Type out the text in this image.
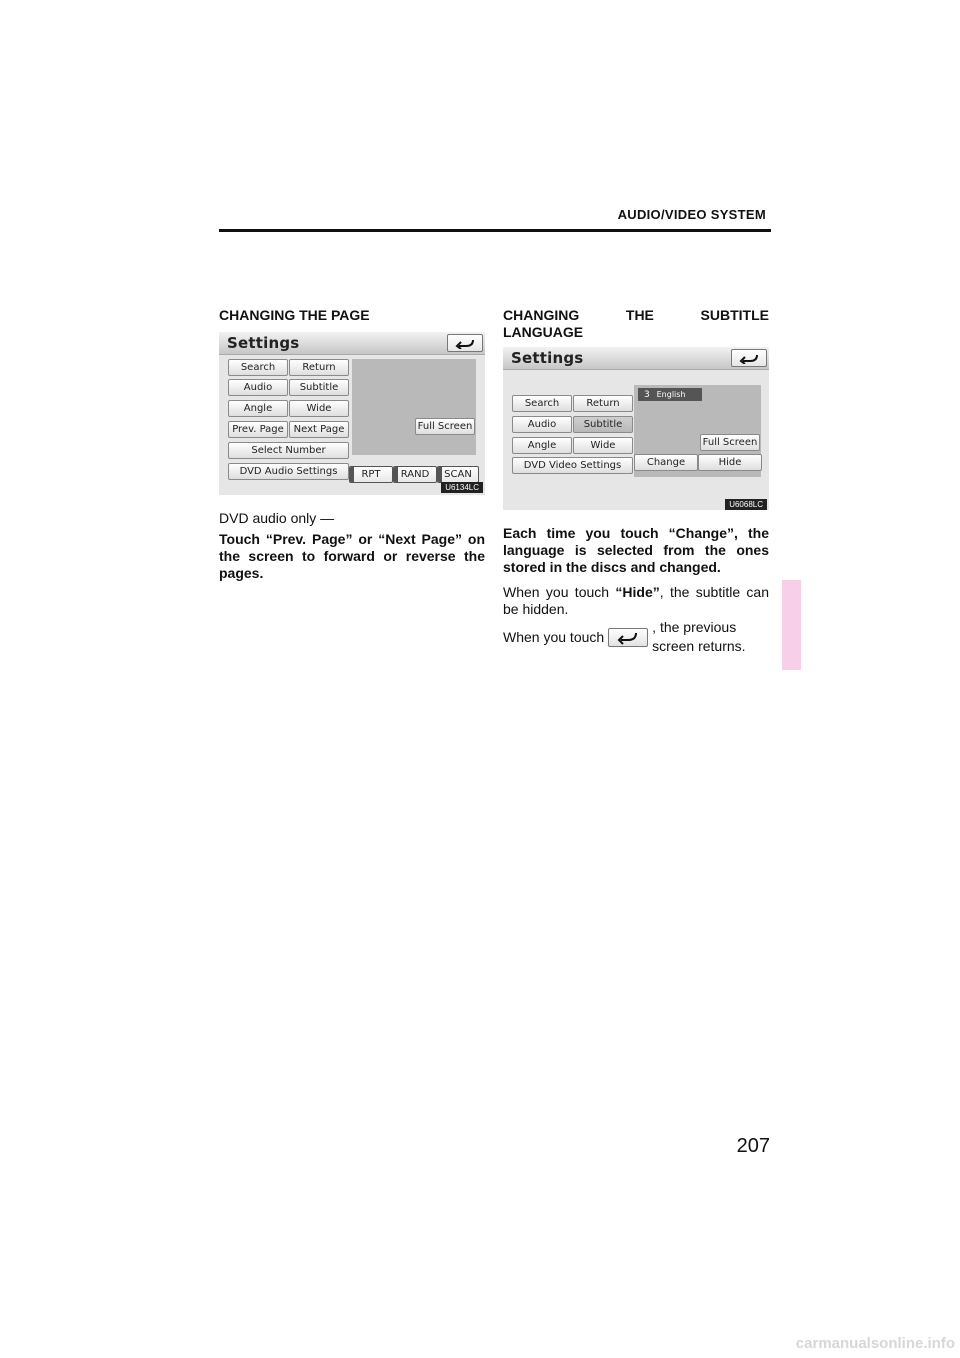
AUDIO/VIDEO SYSTEM
CHANGING THE PAGE
Settings
Search	Return
Audio	Subtitle
Angle	Wide
Prev. Page Next Page
Select Number
DVD Audio Settings
Full Screen
RPT	RAND	SCAN
U6134LC
DVD audio only —
Touch “Prev. Page” or “Next Page” on the screen to forward or reverse the pages.
CHANGING	THE	SUBTITLE
LANGUAGE
Settings
3 English
Search	Return
Audio	Subtitle
Angle	Wide	Full Screen
DVD Video Settings	Change	Hide
U6068LC
Each time you touch “Change”, the language is selected from the ones stored in the discs and changed.
When you touch “Hide”, the subtitle can be hidden.
When you touch
, the previous screen returns.
207
carmanualsonline.info
